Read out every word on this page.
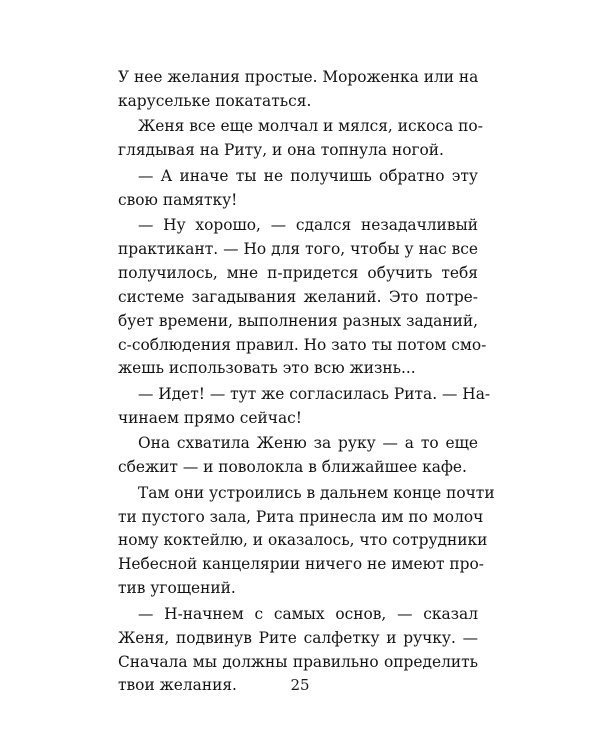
У нее желания простые. Мороженка или на
карусельке покататься.
Женя все еще молчал и мялся, искоса по-
глядывая на Риту, и она топнула ногой.
— А иначе ты не получишь обратно эту
свою памятку!
— Ну хорошо, — сдался незадачливый
практикант. — Но для того, чтобы у нас все
получилось, мне п-придется обучить тебя
системе загадывания желаний. Это потре-
бует времени, выполнения разных заданий,
с-соблюдения правил. Но зато ты потом смо-
жешь использовать это всю жизнь...
— Идет! — тут же согласилась Рита. — На-
чинаем прямо сейчас!
Она схватила Женю за руку — а то еще
сбежит — и поволокла в ближайшее кафе.
Там они устроились в дальнем конце почти
ти пустого зала, Рита принесла им по молоч
ному коктейлю, и оказалось, что сотрудники
Небесной канцелярии ничего не имеют про-
тив угощений.
— Н-начнем с самых основ, — сказал
Женя, подвинув Рите салфетку и ручку. —
Сначала мы должны правильно определить
твои желания.	25
